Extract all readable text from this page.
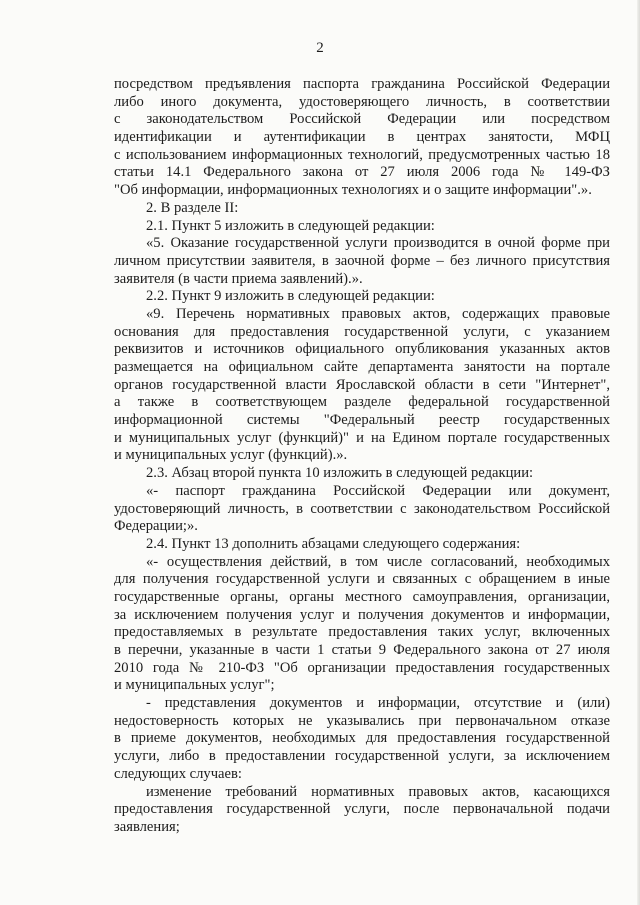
2
посредством предъявления паспорта гражданина Российской Федерации
либо иного документа, удостоверяющего личность, в соответствии
с законодательством Российской Федерации или посредством
идентификации и аутентификации в центрах занятости, МФЦ
с использованием информационных технологий, предусмотренных частью 18
статьи 14.1 Федерального закона от 27 июля 2006 года № 149-ФЗ
"Об информации, информационных технологиях и о защите информации".».
2. В разделе II:
2.1. Пункт 5 изложить в следующей редакции:
«5. Оказание государственной услуги производится в очной форме при
личном присутствии заявителя, в заочной форме – без личного присутствия
заявителя (в части приема заявлений).».
2.2. Пункт 9 изложить в следующей редакции:
«9. Перечень нормативных правовых актов, содержащих правовые
основания для предоставления государственной услуги, с указанием
реквизитов и источников официального опубликования указанных актов
размещается на официальном сайте департамента занятости на портале
органов государственной власти Ярославской области в сети "Интернет",
а также в соответствующем разделе федеральной государственной
информационной системы "Федеральный реестр государственных
и муниципальных услуг (функций)" и на Едином портале государственных
и муниципальных услуг (функций).».
2.3. Абзац второй пункта 10 изложить в следующей редакции:
«- паспорт гражданина Российской Федерации или документ,
удостоверяющий личность, в соответствии с законодательством Российской
Федерации;».
2.4. Пункт 13 дополнить абзацами следующего содержания:
«- осуществления действий, в том числе согласований, необходимых
для получения государственной услуги и связанных с обращением в иные
государственные органы, органы местного самоуправления, организации,
за исключением получения услуг и получения документов и информации,
предоставляемых в результате предоставления таких услуг, включенных
в перечни, указанные в части 1 статьи 9 Федерального закона от 27 июля
2010 года № 210-ФЗ "Об организации предоставления государственных
и муниципальных услуг";
- представления документов и информации, отсутствие и (или)
недостоверность которых не указывались при первоначальном отказе
в приеме документов, необходимых для предоставления государственной
услуги, либо в предоставлении государственной услуги, за исключением
следующих случаев:
изменение требований нормативных правовых актов, касающихся
предоставления государственной услуги, после первоначальной подачи
заявления;
